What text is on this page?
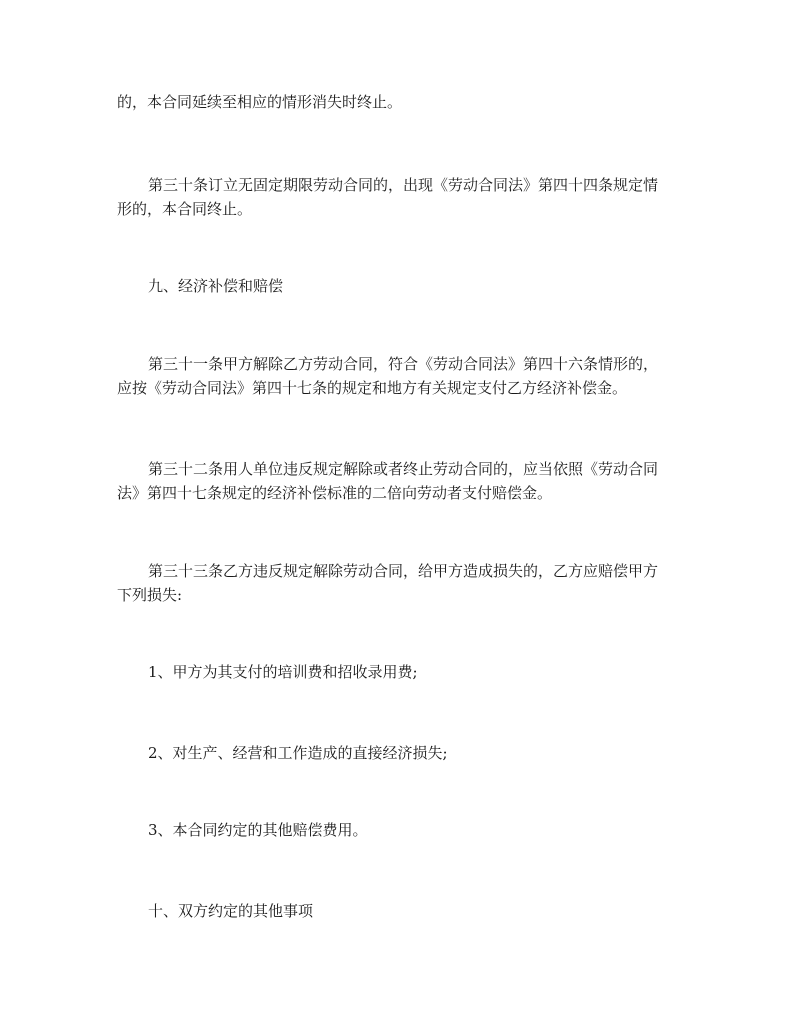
的，本合同延续至相应的情形消失时终止。
第三十条订立无固定期限劳动合同的，出现《劳动合同法》第四十四条规定情
形的，本合同终止。
九、经济补偿和赔偿
第三十一条甲方解除乙方劳动合同，符合《劳动合同法》第四十六条情形的，
应按《劳动合同法》第四十七条的规定和地方有关规定支付乙方经济补偿金。
第三十二条用人单位违反规定解除或者终止劳动合同的，应当依照《劳动合同
法》第四十七条规定的经济补偿标准的二倍向劳动者支付赔偿金。
第三十三条乙方违反规定解除劳动合同，给甲方造成损失的，乙方应赔偿甲方
下列损失:
1、甲方为其支付的培训费和招收录用费;
2、对生产、经营和工作造成的直接经济损失;
3、本合同约定的其他赔偿费用。
十、双方约定的其他事项
